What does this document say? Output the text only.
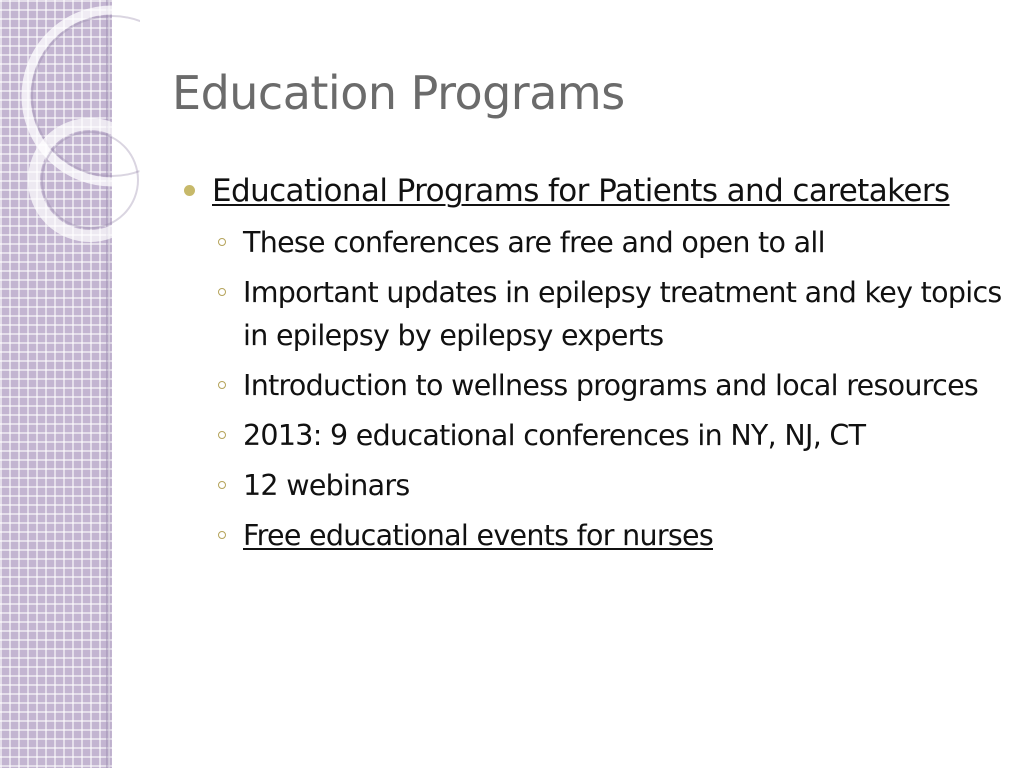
Education Programs
Educational Programs for Patients and caretakers
These conferences are free and open to all
Important updates in epilepsy treatment and key topics in epilepsy by epilepsy experts
Introduction to wellness programs and local resources
2013: 9 educational conferences in NY, NJ, CT
12 webinars
Free educational events for nurses
